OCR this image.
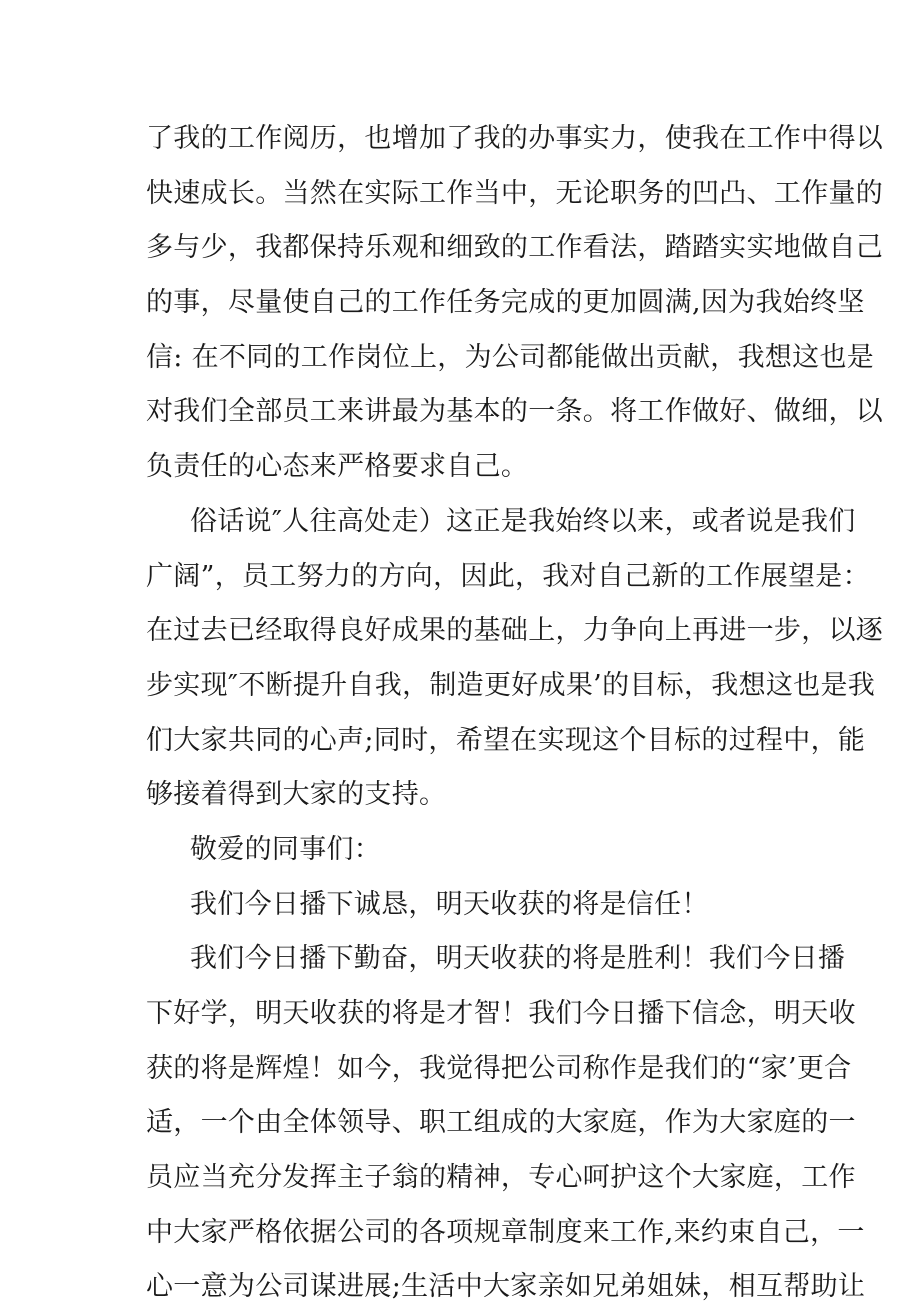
了我的工作阅历，也增加了我的办事实力，使我在工作中得以
快速成长。当然在实际工作当中，无论职务的凹凸、工作量的
多与少，我都保持乐观和细致的工作看法，踏踏实实地做自己
的事，尽量使自己的工作任务完成的更加圆满,因为我始终坚
信: 在不同的工作岗位上，为公司都能做出贡献，我想这也是
对我们全部员工来讲最为基本的一条。将工作做好、做细，以
负责任的心态来严格要求自己。
俗话说″人往高处走）这正是我始终以来，或者说是我们
广阔”，员工努力的方向，因此，我对自己新的工作展望是：
在过去已经取得良好成果的基础上，力争向上再进一步，以逐
步实现″不断提升自我，制造更好成果’的目标，我想这也是我
们大家共同的心声;同时，希望在实现这个目标的过程中，能
够接着得到大家的支持。
敬爱的同事们：
我们今日播下诚恳，明天收获的将是信任！
我们今日播下勤奋，明天收获的将是胜利！我们今日播
下好学，明天收获的将是才智！我们今日播下信念，明天收
获的将是辉煌！如今，我觉得把公司称作是我们的“家’更合
适，一个由全体领导、职工组成的大家庭，作为大家庭的一
员应当充分发挥主子翁的精神，专心呵护这个大家庭，工作
中大家严格依据公司的各项规章制度来工作,来约束自己，一
心一意为公司谋进展;生活中大家亲如兄弟姐妹，相互帮助让
